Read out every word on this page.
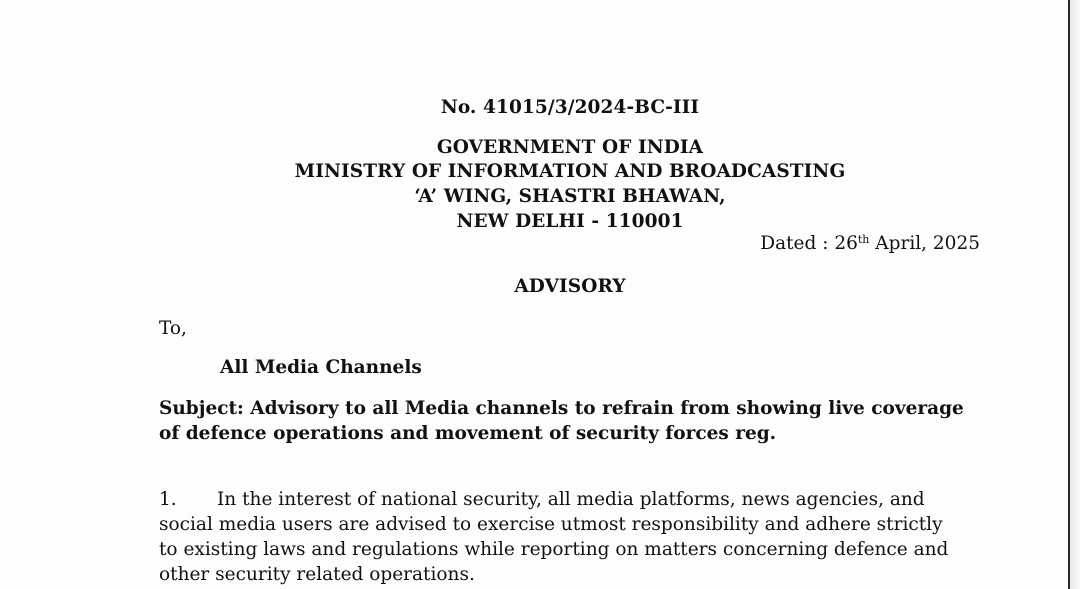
No. 41015/3/2024-BC-III
GOVERNMENT OF INDIA
MINISTRY OF INFORMATION AND BROADCASTING
‘A’ WING, SHASTRI BHAWAN,
NEW DELHI - 110001
Dated : 26th April, 2025
ADVISORY
To,
All Media Channels
Subject: Advisory to all Media channels to refrain from showing live coverage
of defence operations and movement of security forces reg.
1. In the interest of national security, all media platforms, news agencies, and
social media users are advised to exercise utmost responsibility and adhere strictly
to existing laws and regulations while reporting on matters concerning defence and
other security related operations.
